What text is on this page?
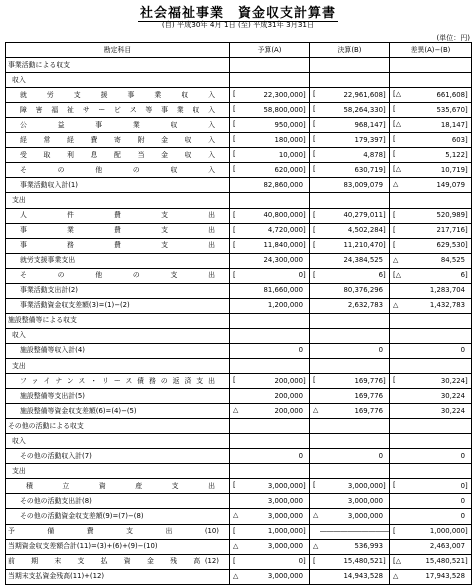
社会福祉事業　資金収支計算書
(自) 平成30年 4月 1日 (至) 平成31年 3月31日
(単位：円)
勘定科目	予算(A)	決算(B)	差異(A)−(B)
事業活動による収支			
収入			
就　労　支　援　事　業　収　入	[ 22,300,000]	[ 22,961,608]	[△ 661,608]
障害福祉サービス等事業収入	[ 58,800,000]	[ 58,264,330]	[ 535,670]
公　益　事　業　収　入	[ 950,000]	[ 968,147]	[△ 18,147]
経常経費寄附金収入	[ 180,000]	[ 179,397]	[ 603]
受取利息配当金収入	[ 10,000]	[ 4,878]	[ 5,122]
そ　の　他　の　収　入	[ 620,000]	[ 630,719]	[△ 10,719]
事業活動収入計(1)	82,860,000	83,009,079	△ 149,079
支出			
人　件　費　支　出	[ 40,800,000]	[ 40,279,011]	[ 520,989]
事　業　費　支　出	[ 4,720,000]	[ 4,502,284]	[ 217,716]
事　務　費　支　出	[ 11,840,000]	[ 11,210,470]	[ 629,530]
就労支援事業支出	24,300,000	24,384,525	△ 84,525
そ　の　他　の　支　出	[ 0]	[ 6]	[△ 6]
事業活動支出計(2)	81,660,000	80,376,296	1,283,704
事業活動資金収支差額(3)=(1)−(2)	1,200,000	2,632,783	△ 1,432,783
施設整備等による収支			
収入			
施設整備等収入計(4)	0	0	0
支出			
ファイナンス・リース債務の返済支出	[ 200,000]	[ 169,776]	[ 30,224]
施設整備等支出計(5)	200,000	169,776	30,224
施設整備等資金収支差額(6)=(4)−(5)	△ 200,000	△ 169,776	30,224
その他の活動による収支			
収入			
その他の活動収入計(7)	0	0	0
支出			
積　立　資　産　支　出	[ 3,000,000]	[ 3,000,000]	[ 0]
その他の活動支出計(8)	3,000,000	3,000,000	0
その他の活動資金収支差額(9)=(7)−(8)	△ 3,000,000	△ 3,000,000	0
予　備　費　支　出　(10)	[ 1,000,000]	――――――――――	[ 1,000,000]
当期資金収支差額合計(11)=(3)+(6)+(9)−(10)	△ 3,000,000	△ 536,993	2,463,007
前　期　末　支　払　資　金　残　高(12)	[ 0]	[ 15,480,521]	[△ 15,480,521]
当期末支払資金残高(11)+(12)	△ 3,000,000	14,943,528	△ 17,943,528
